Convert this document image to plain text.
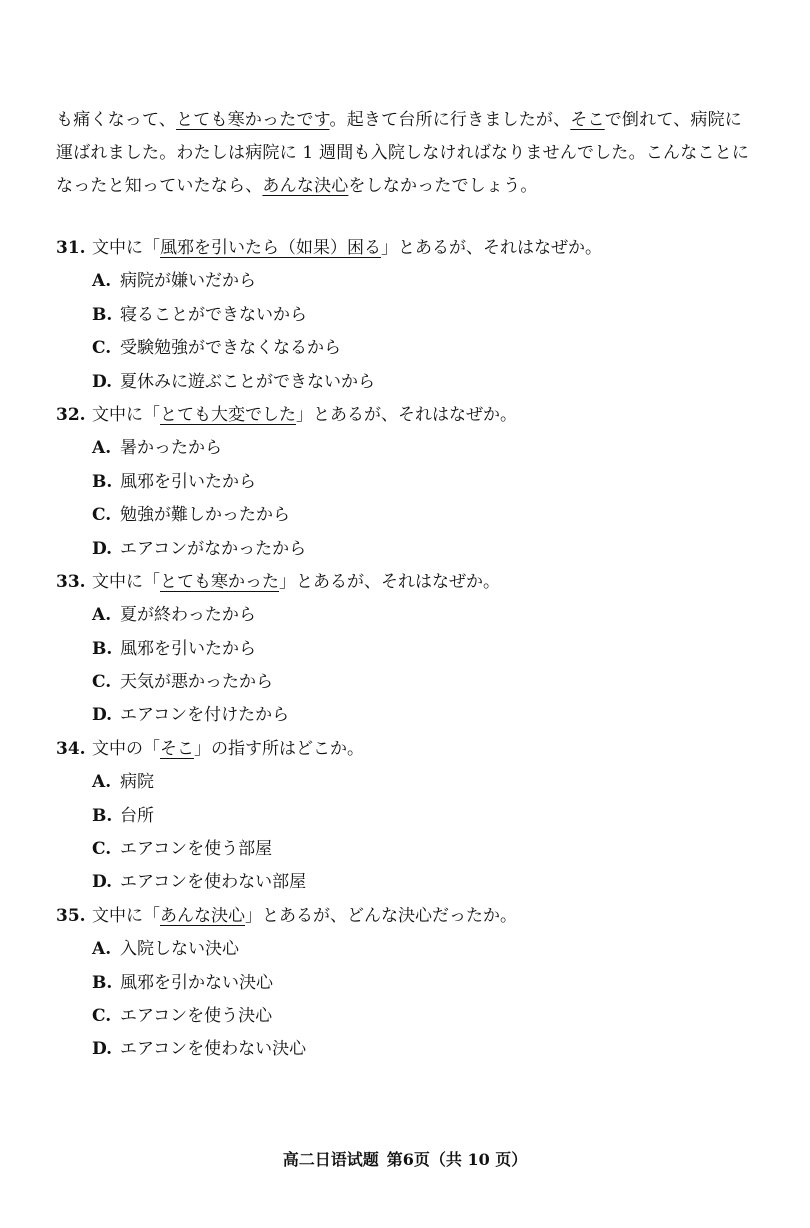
も痛くなって、とても寒かったです。起きて台所に行きましたが、そこで倒れて、病院に
運ばれました。わたしは病院に 1 週間も入院しなければなりませんでした。こんなことに
なったと知っていたなら、あんな決心をしなかったでしょう。
31. 文中に「風邪を引いたら（如果）困る」とあるが、それはなぜか。
A. 病院が嫌いだから
B. 寝ることができないから
C. 受験勉強ができなくなるから
D. 夏休みに遊ぶことができないから
32. 文中に「とても大変でした」とあるが、それはなぜか。
A. 暑かったから
B. 風邪を引いたから
C. 勉強が難しかったから
D. エアコンがなかったから
33. 文中に「とても寒かった」とあるが、それはなぜか。
A. 夏が終わったから
B. 風邪を引いたから
C. 天気が悪かったから
D. エアコンを付けたから
34. 文中の「そこ」の指す所はどこか。
A. 病院
B. 台所
C. エアコンを使う部屋
D. エアコンを使わない部屋
35. 文中に「あんな決心」とあるが、どんな決心だったか。
A. 入院しない決心
B. 風邪を引かない決心
C. エアコンを使う決心
D. エアコンを使わない決心
高二日语试题 第6页（共 10 页）
